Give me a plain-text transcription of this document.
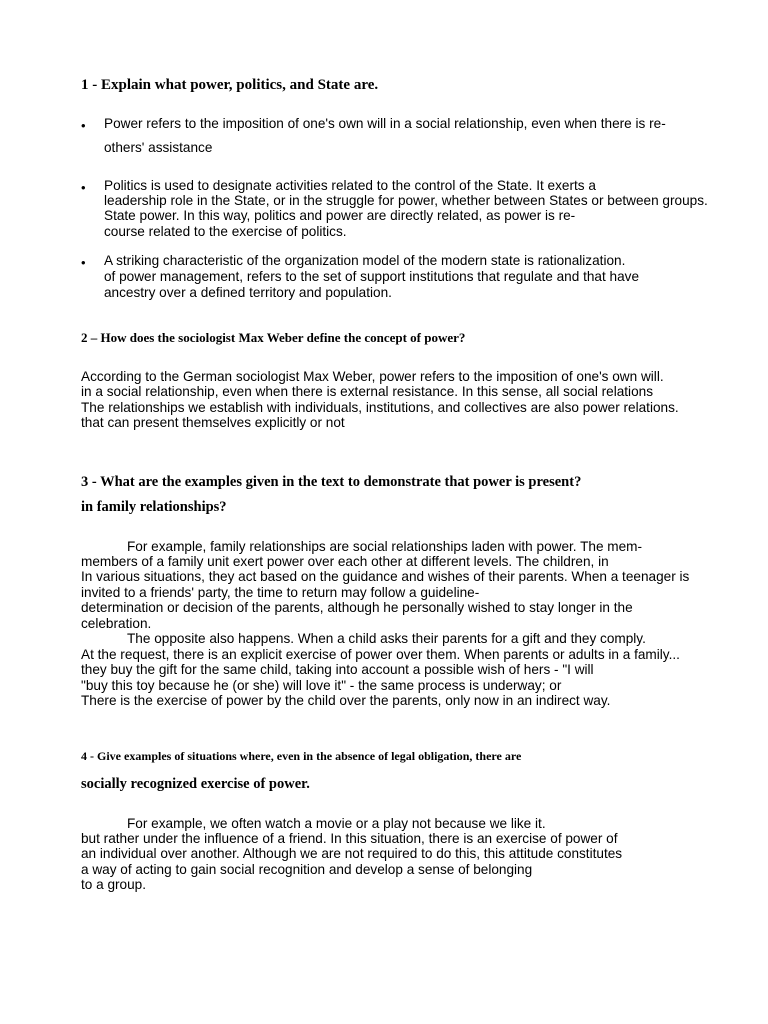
1 - Explain what power, politics, and State are.
• Power refers to the imposition of one's own will in a social relationship, even when there is re-
others' assistance
• Politics is used to designate activities related to the control of the State. It exerts a
leadership role in the State, or in the struggle for power, whether between States or between groups.
State power. In this way, politics and power are directly related, as power is re-
course related to the exercise of politics.
• A striking characteristic of the organization model of the modern state is rationalization.
of power management, refers to the set of support institutions that regulate and that have
ancestry over a defined territory and population.
2 – How does the sociologist Max Weber define the concept of power?
According to the German sociologist Max Weber, power refers to the imposition of one's own will.
in a social relationship, even when there is external resistance. In this sense, all social relations
The relationships we establish with individuals, institutions, and collectives are also power relations.
that can present themselves explicitly or not
3 - What are the examples given in the text to demonstrate that power is present?
in family relationships?
For example, family relationships are social relationships laden with power. The mem-
members of a family unit exert power over each other at different levels. The children, in
In various situations, they act based on the guidance and wishes of their parents. When a teenager is
invited to a friends' party, the time to return may follow a guideline-
determination or decision of the parents, although he personally wished to stay longer in the
celebration.
The opposite also happens. When a child asks their parents for a gift and they comply.
At the request, there is an explicit exercise of power over them. When parents or adults in a family...
they buy the gift for the same child, taking into account a possible wish of hers - "I will
"buy this toy because he (or she) will love it" - the same process is underway; or
There is the exercise of power by the child over the parents, only now in an indirect way.
4 - Give examples of situations where, even in the absence of legal obligation, there are
socially recognized exercise of power.
For example, we often watch a movie or a play not because we like it.
but rather under the influence of a friend. In this situation, there is an exercise of power of
an individual over another. Although we are not required to do this, this attitude constitutes
a way of acting to gain social recognition and develop a sense of belonging
to a group.
